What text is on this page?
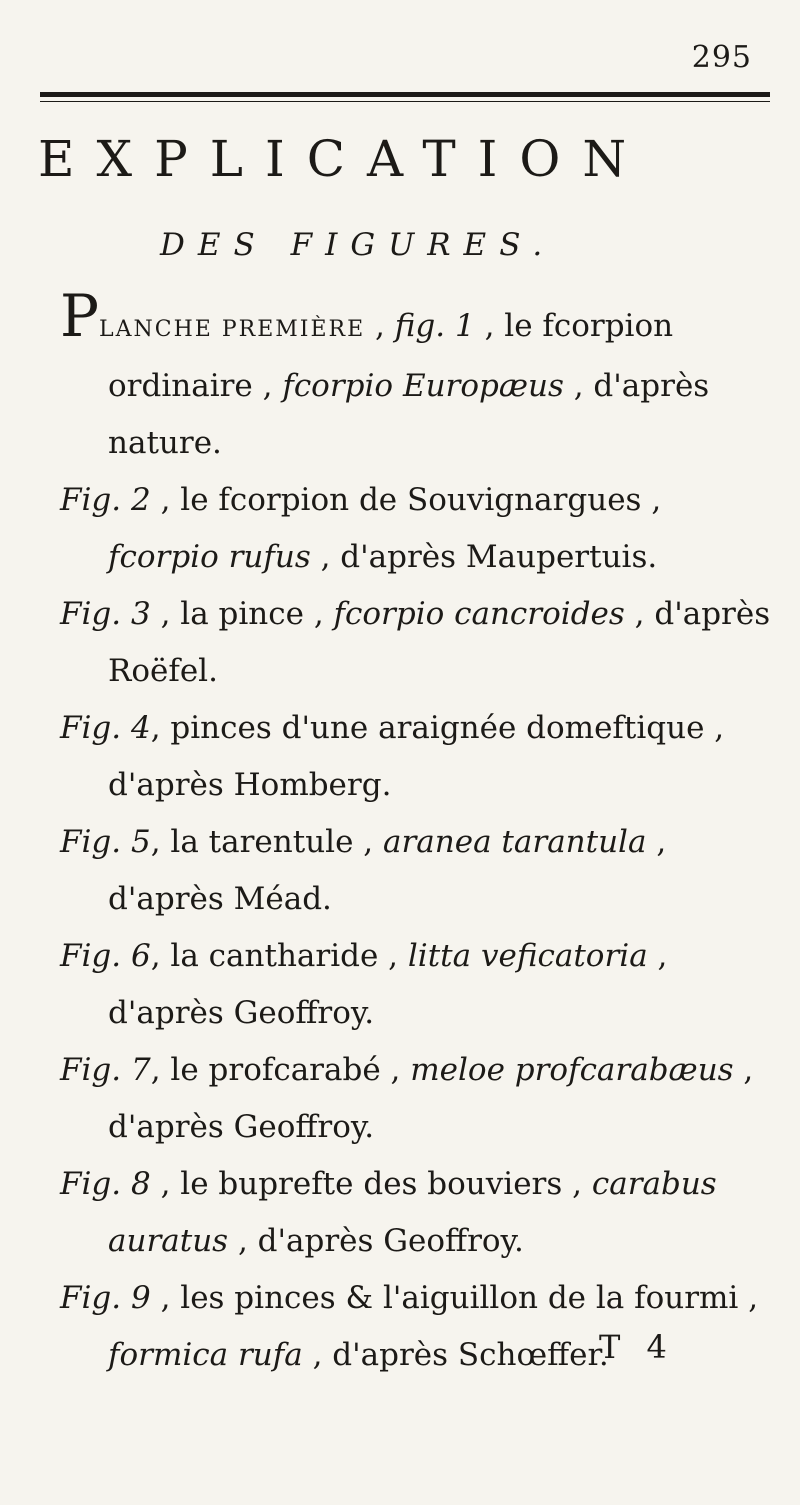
295
EXPLICATION
DES FIGURES.

PLANCHE PREMIÈRE , fig. 1 , le fcorpion ordinaire , fcorpio Europæus , d'après nature.

Fig. 2 , le fcorpion de Souvignargues , fcorpio rufus , d'après Maupertuis.

Fig. 3 , la pince , fcorpio cancroides , d'après Roëfel.

Fig. 4, pinces d'une araignée domeftique , d'après Homberg.

Fig. 5, la tarentule , aranea tarantula , d'après Méad.

Fig. 6, la cantharide , litta veficatoria , d'après Geoffroy.

Fig. 7, le profcarabé , meloe profcarabæus , d'après Geoffroy.

Fig. 8 , le buprefte des bouviers , carabus auratus , d'après Geoffroy.

Fig. 9 , les pinces & l'aiguillon de la fourmi , formica rufa , d'après Schœffer.

T 4
